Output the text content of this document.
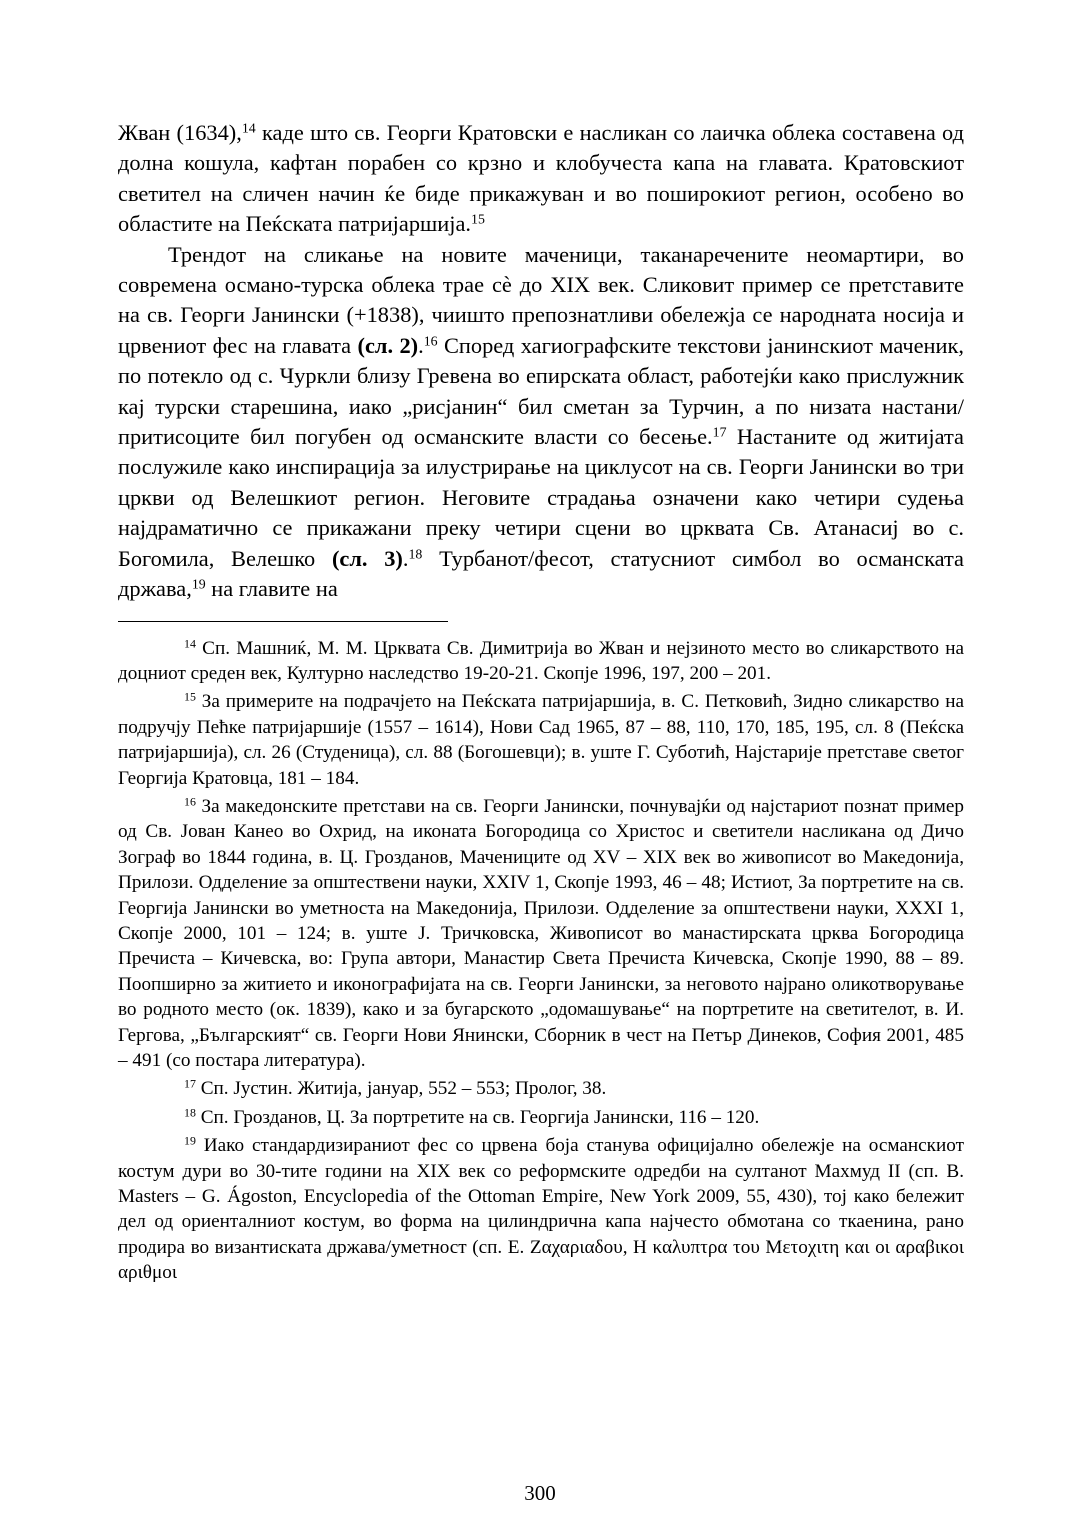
Жван (1634),$^{14}$ каде што св. Георги Кратовски е насликан со лаичка облека составена од долна кошула, кафтан порабен со крзно и клобучеста капа на главата. Кратовскиот светител на сличен начин ќе биде прикажуван и во поширокиот регион, особено во областите на Пеќската патријаршија.$^{15}$

Трендот на сликање на новите маченици, таканаречените неомартири, во современа османо-турска облека трае сѐ до XIX век. Сликовит пример се претставите на св. Георги Јанински (+1838), чиишто препознатливи обележја се народната носија и црвениот фес на главата (сл. 2).$^{16}$ Според хагиографските текстови јанинскиот маченик, по потекло од с. Чуркли близу Гревена во епирската област, работејќи како прислужник кај турски старешина, иако „рисјанин“ бил сметан за Турчин, а по низата настани/притисоците бил погубен од османските власти со бесење.$^{17}$ Настаните од житијата послужиле како инспирација за илустрирање на циклусот на св. Георги Јанински во три цркви од Велешкиот регион. Неговите страдања означени како четири судења најдраматично се прикажани преку четири сцени во црквата Св. Атанасиј во с. Богомила, Велешко (сл. 3).$^{18}$ Турбанот/фесот, статусниот симбол во османската држава,$^{19}$ на главите на

$^{14}$ Сп. Машниќ, М. М. Црквата Св. Димитрија во Жван и нејзиното место во сликарството на доцниот среден век, Културно наследство 19-20-21. Скопје 1996, 197, 200 – 201.

$^{15}$ За примерите на подрачјето на Пеќската патријаршија, в. С. Петковић, Зидно сликарство на подручју Пећке патријаршије (1557 – 1614), Нови Сад 1965, 87 – 88, 110, 170, 185, 195, сл. 8 (Пеќска патријаршија), сл. 26 (Студеница), сл. 88 (Богошевци); в. уште Г. Суботић, Најстарије претставе светог Георгија Кратовца, 181 – 184.

$^{16}$ За македонските претстави на св. Георги Јанински, почнувајќи од најстариот познат пример од Св. Јован Канео во Охрид, на иконата Богородица со Христос и светители насликана од Дичо Зограф во 1844 година, в. Ц. Грозданов, Мачениците од XV – XIX век во живописот во Македонија, Прилози. Одделение за општествени науки, XXIV 1, Скопје 1993, 46 – 48; Истиот, За портретите на св. Георгија Јанински во уметноста на Македонија, Прилози. Одделение за општествени науки, XXXI 1, Скопје 2000, 101 – 124; в. уште Ј. Тричковска, Живописот во манастирската црква Богородица Пречиста – Кичевска, во: Група автори, Манастир Света Пречиста Кичевска, Скопје 1990, 88 – 89. Поопширно за житието и иконографијата на св. Георги Јанински, за неговото најрано оликотворување во родното место (ок. 1839), како и за бугарското „одомашување“ на портретите на светителот, в. И. Гергова, „Българският“ св. Георги Нови Янински, Сборник в чест на Петър Динеков, София 2001, 485 – 491 (со постара литература).

$^{17}$ Сп. Јустин. Житија, јануар, 552 – 553; Пролог, 38.

$^{18}$ Сп. Грозданов, Ц. За портретите на св. Георгија Јанински, 116 – 120.

$^{19}$ Иако стандардизираниот фес со црвена боја станува официјално обележје на османскиот костум дури во 30-тите години на XIX век со реформските одредби на султанот Махмуд II (сп. B. Masters – G. Ágoston, Encyclopedia of the Ottoman Empire, New York 2009, 55, 430), тој како бележит дел од ориенталниот костум, во форма на цилиндрична капа најчесто обмотана со ткаенина, рано продира во византиската држава/уметност (сп. Ε. Ζαχαριαδου, Η καλυπτρα του Μετοχιτη και οι αραβικοι αριθμοι

300
